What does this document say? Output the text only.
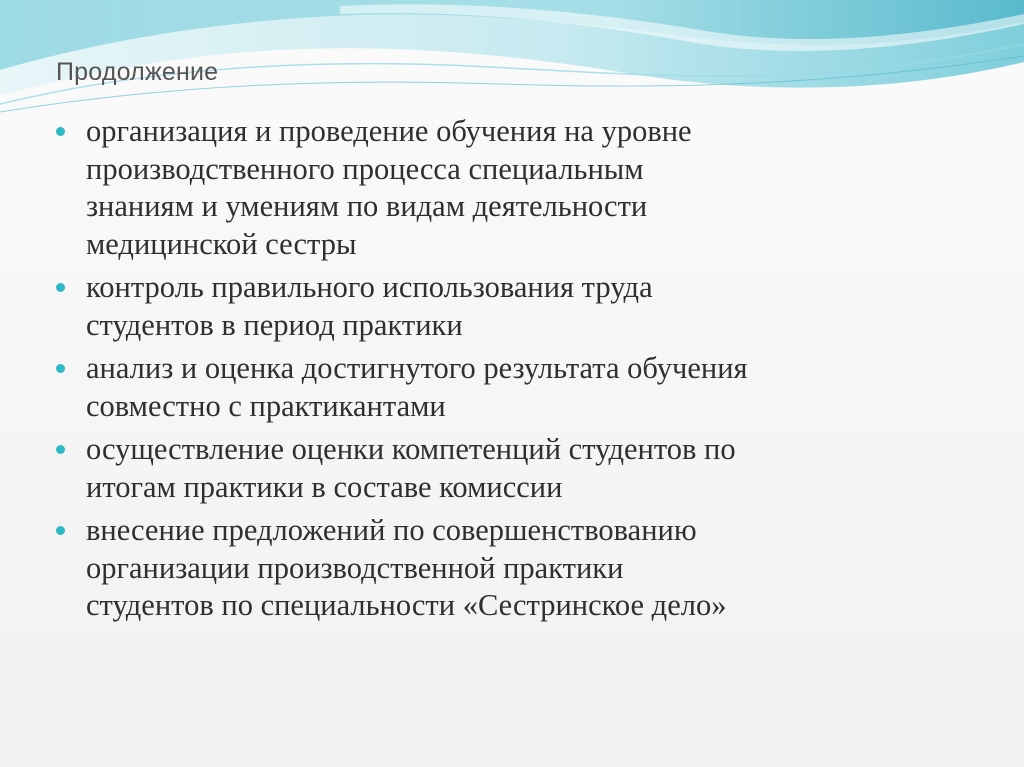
Продолжение
организация и проведение обучения на уровне
производственного процесса специальным
знаниям и умениям по видам деятельности
медицинской сестры
контроль правильного использования труда
студентов в период практики
анализ и оценка достигнутого результата обучения
совместно с практикантами
осуществление оценки компетенций студентов по
итогам практики в составе комиссии
внесение предложений по совершенствованию
организации производственной практики
студентов по специальности «Сестринское дело»
